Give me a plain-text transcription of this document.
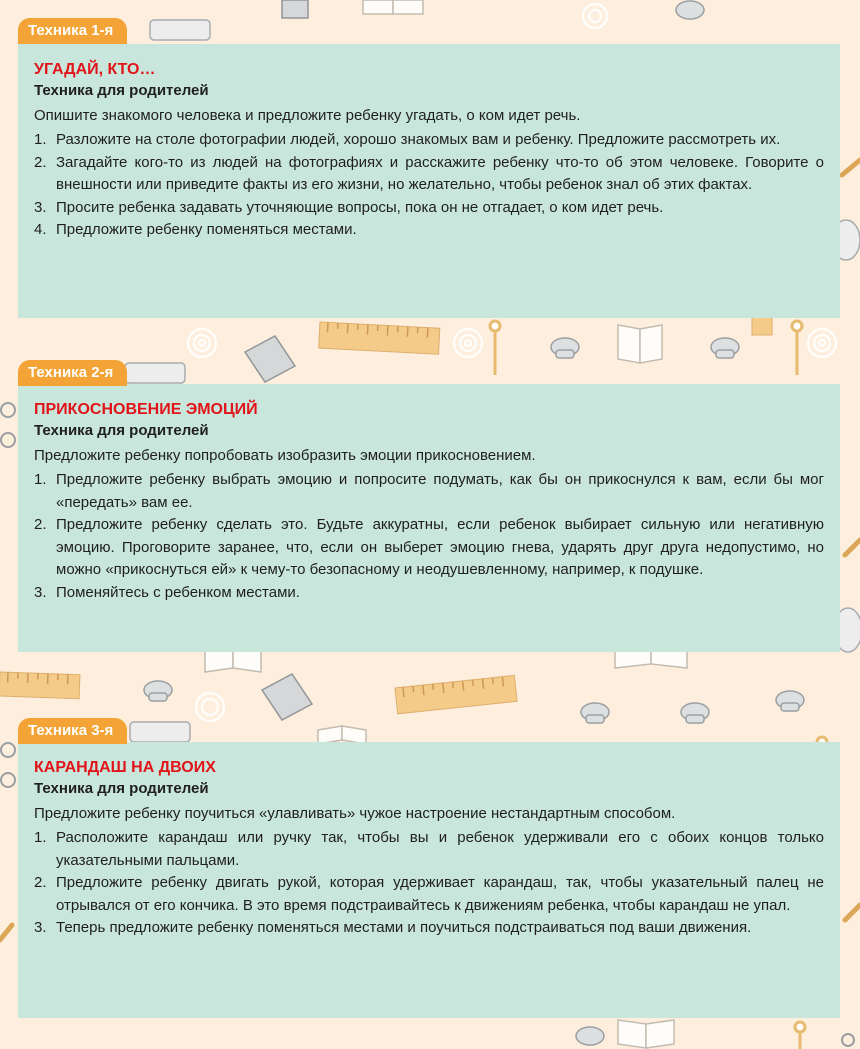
Техника 1-я
УГАДАЙ, КТО…
Техника для родителей

Опишите знакомого человека и предложите ребенку угадать, о ком идет речь.

1. Разложите на столе фотографии людей, хорошо знакомых вам и ребенку. Предложите рассмотреть их.
2. Загадайте кого-то из людей на фотографиях и расскажите ребенку что-то об этом человеке. Говорите о внешности или приведите факты из его жизни, но желательно, чтобы ребенок знал об этих фактах.
3. Просите ребенка задавать уточняющие вопросы, пока он не отгадает, о ком идет речь.
4. Предложите ребенку поменяться местами.
Техника 2-я
ПРИКОСНОВЕНИЕ ЭМОЦИЙ
Техника для родителей

Предложите ребенку попробовать изобразить эмоции прикосновением.

1. Предложите ребенку выбрать эмоцию и попросите подумать, как бы он прикоснулся к вам, если бы мог «передать» вам ее.
2. Предложите ребенку сделать это. Будьте аккуратны, если ребенок выбирает сильную или негативную эмоцию. Проговорите заранее, что, если он выберет эмоцию гнева, ударять друг друга недопустимо, но можно «прикоснуться ей» к чему-то безопасному и неодушевленному, например, к подушке.
3. Поменяйтесь с ребенком местами.
Техника 3-я
КАРАНДАШ НА ДВОИХ
Техника для родителей

Предложите ребенку поучиться «улавливать» чужое настроение нестандартным способом.

1. Расположите карандаш или ручку так, чтобы вы и ребенок удерживали его с обоих концов только указательными пальцами.
2. Предложите ребенку двигать рукой, которая удерживает карандаш, так, чтобы указательный палец не отрывался от его кончика. В это время подстраивайтесь к движениям ребенка, чтобы карандаш не упал.
3. Теперь предложите ребенку поменяться местами и поучиться подстраиваться под ваши движения.
